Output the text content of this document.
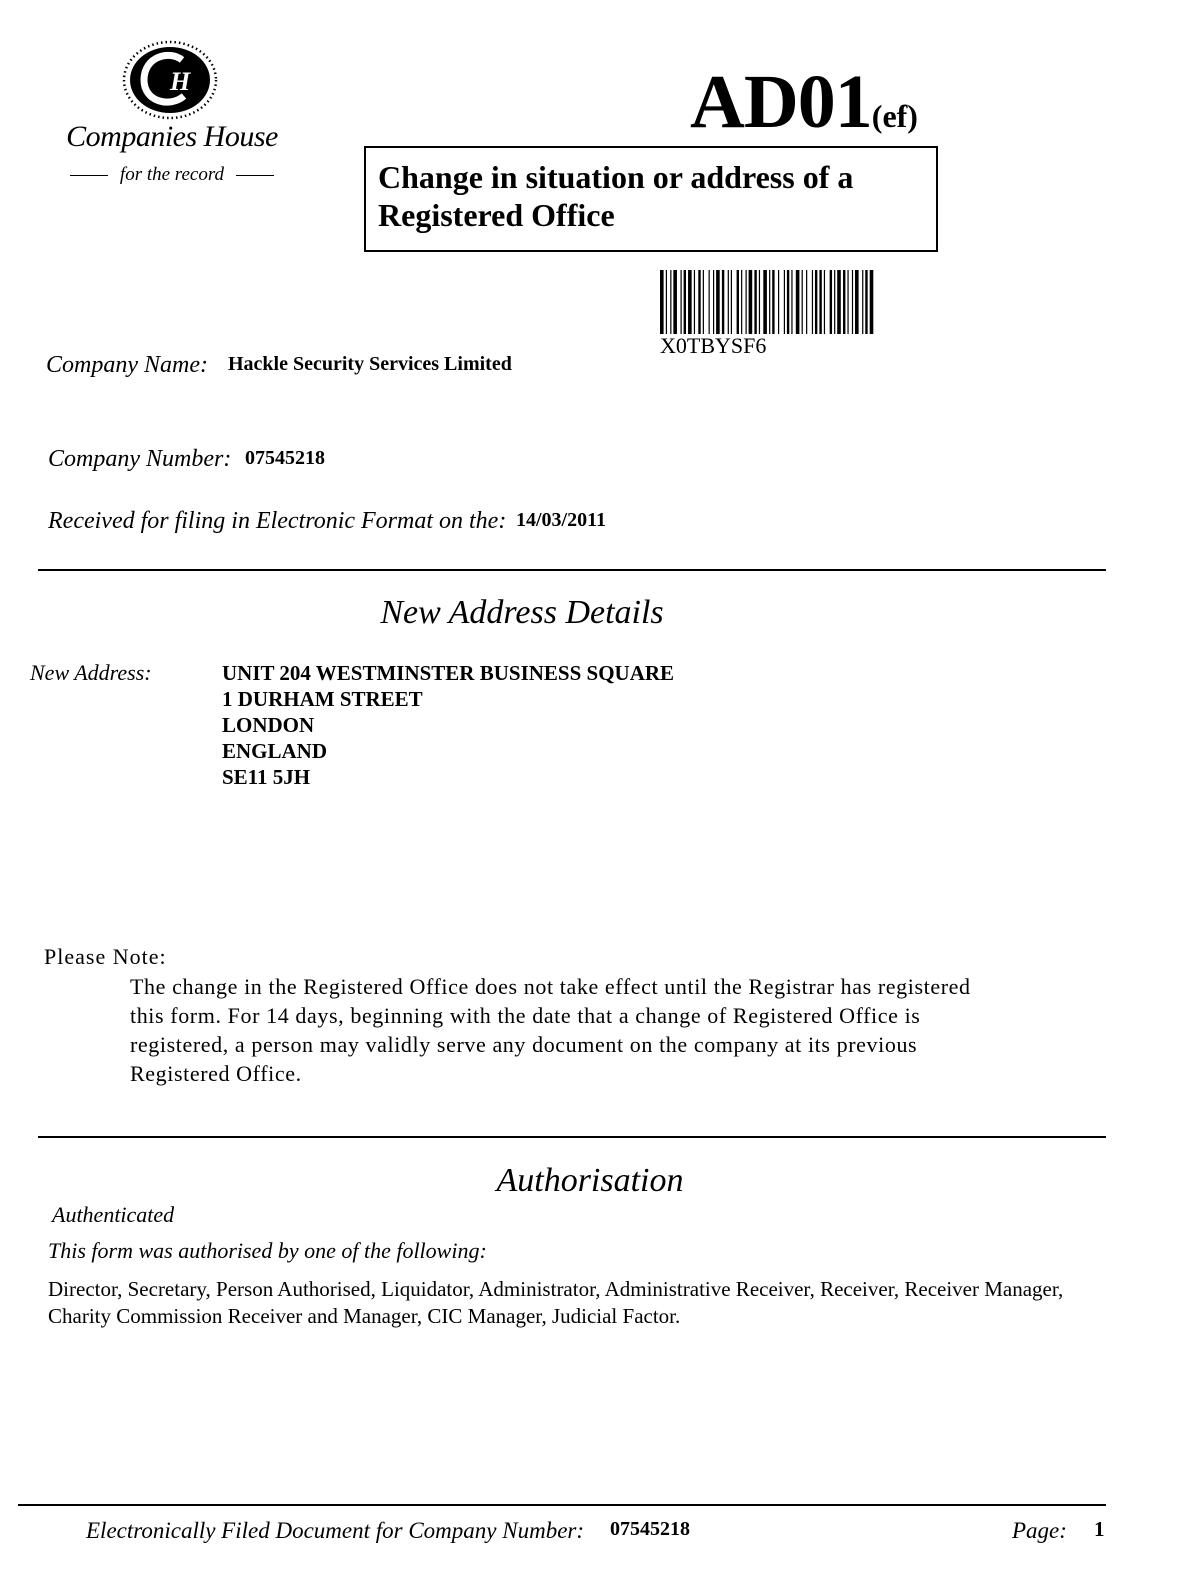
H
Companies House
for the record
AD01(ef)
Change in situation or address of a
Registered Office
X0TBYSF6
Company Name: Hackle Security Services Limited
Company Number: 07545218
Received for filing in Electronic Format on the: 14/03/2011
New Address Details
New Address:	UNIT 204 WESTMINSTER BUSINESS SQUARE
1 DURHAM STREET
LONDON
ENGLAND
SE11 5JH
Please Note:
The change in the Registered Office does not take effect until the Registrar has registered this form. For 14 days, beginning with the date that a change of Registered Office is registered, a person may validly serve any document on the company at its previous Registered Office.
Authorisation
Authenticated
This form was authorised by one of the following:
Director, Secretary, Person Authorised, Liquidator, Administrator, Administrative Receiver, Receiver, Receiver Manager, Charity Commission Receiver and Manager, CIC Manager, Judicial Factor.
Electronically Filed Document for Company Number: 07545218	Page: 1
